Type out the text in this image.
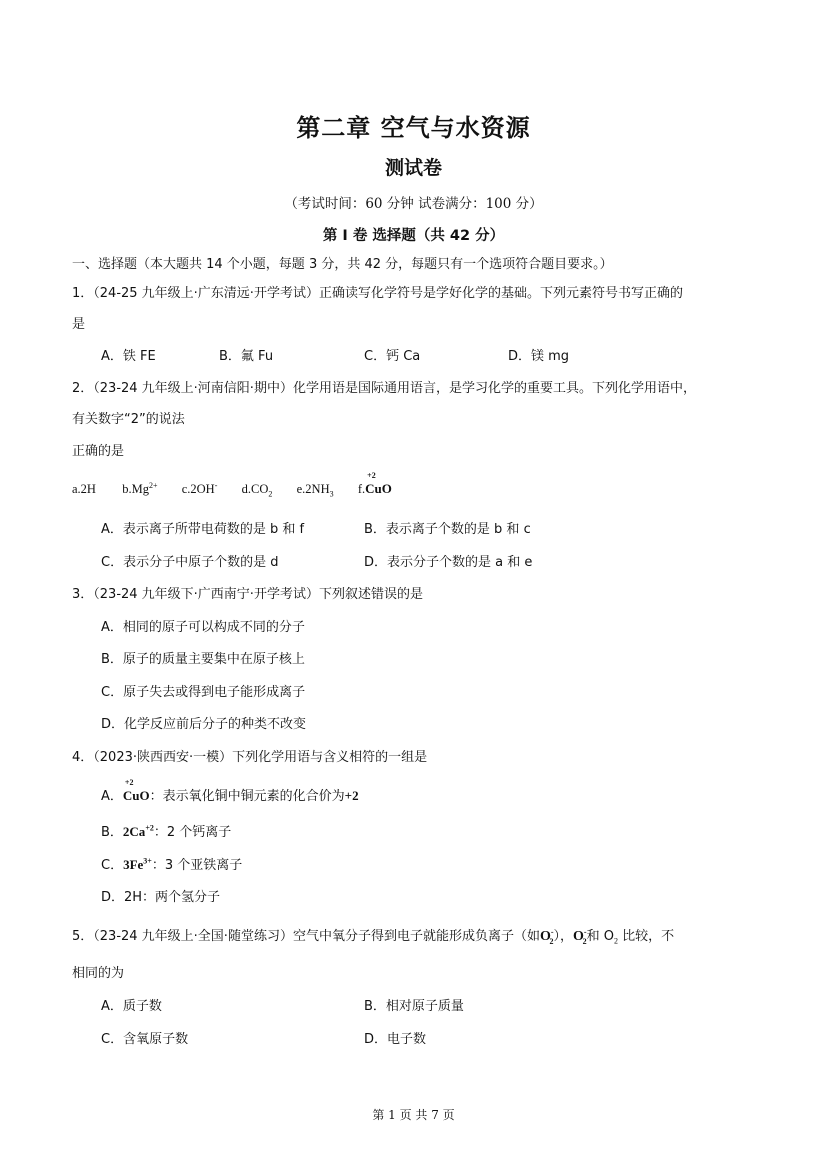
第二章 空气与水资源
测试卷
（考试时间：60 分钟 试卷满分：100 分）
第 I 卷 选择题（共 42 分）
一、选择题（本大题共 14 个小题，每题 3 分，共 42 分，每题只有一个选项符合题目要求。）
1．（24-25 九年级上·广东清远·开学考试）正确读写化学符号是学好化学的基础。下列元素符号书写正确的
是
A．铁 FE	B．氟 Fu	C．钙 Ca	D．镁 mg
2．（23-24 九年级上·河南信阳·期中）化学用语是国际通用语言，是学习化学的重要工具。下列化学用语中，
有关数字“2”的说法
正确的是
a.2H $b.Mg^{2+}$ c.2OH- $d.CO_2$ $e.2NH_3$ f.
+2
CuO
A．表示离子所带电荷数的是 b 和 f	B．表示离子个数的是 b 和 c
C．表示分子中原子个数的是 d	D．表示分子个数的是 a 和 e
3．（23-24 九年级下·广西南宁·开学考试）下列叙述错误的是
A．相同的原子可以构成不同的分子
B．原子的质量主要集中在原子核上
C．原子失去或得到电子能形成离子
D．化学反应前后分子的种类不改变
4．（2023·陕西西安·一模）下列化学用语与含义相符的一组是
A．
+2
CuO：表示氧化铜中铜元素的化合价为+2
B．$2Ca^{+2}$：2 个钙离子
C．$3Fe^{3+}$：3 个亚铁离子
D．2H：两个氢分子
5．（23-24 九年级上·全国·随堂练习）空气中氧分子得到电子就能形成负离子（如$O^-_2$），$O^-_2$和 $O_2$ 比较，不
相同的为
A．质子数	B．相对原子质量
C．含氧原子数	D．电子数
第 1 页 共 7 页
